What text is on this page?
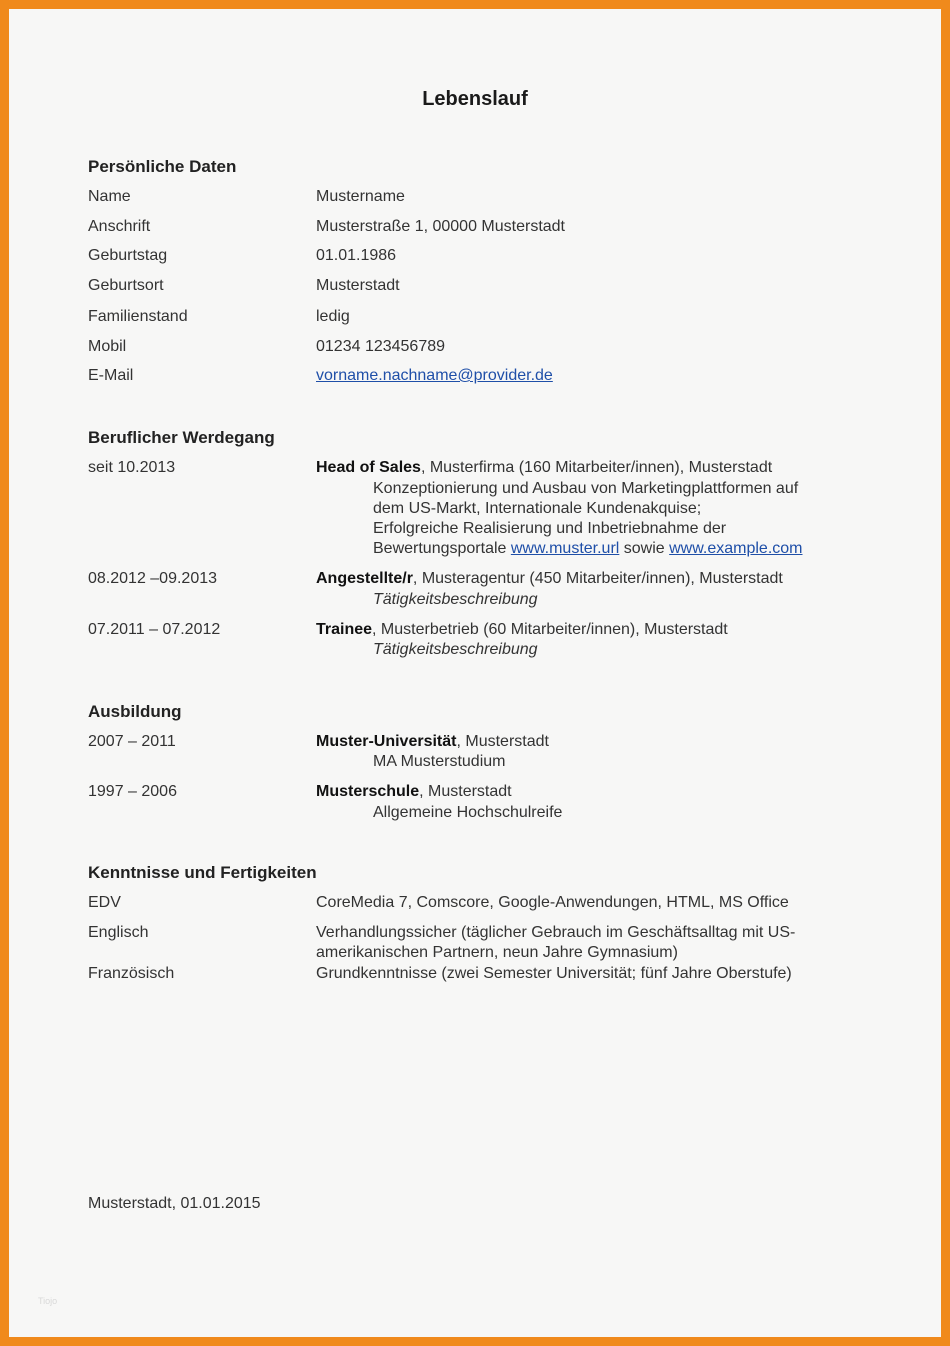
Lebenslauf
Persönliche Daten
Name	Mustername
Anschrift	Musterstraße 1, 00000 Musterstadt
Geburtstag	01.01.1986
Geburtsort	Musterstadt
Familienstand	ledig
Mobil	01234 123456789
E-Mail	vorname.nachname@provider.de
Beruflicher Werdegang
seit 10.2013	Head of Sales, Musterfirma (160 Mitarbeiter/innen), Musterstadt
Konzeptionierung und Ausbau von Marketingplattformen auf
dem US-Markt, Internationale Kundenakquise;
Erfolgreiche Realisierung und Inbetriebnahme der
Bewertungsportale www.muster.url sowie www.example.com
08.2012 –09.2013	Angestellte/r, Musteragentur (450 Mitarbeiter/innen), Musterstadt
Tätigkeitsbeschreibung
07.2011 – 07.2012	Trainee, Musterbetrieb (60 Mitarbeiter/innen), Musterstadt
Tätigkeitsbeschreibung
Ausbildung
2007 – 2011	Muster-Universität, Musterstadt
MA Musterstudium
1997 – 2006	Musterschule, Musterstadt
Allgemeine Hochschulreife
Kenntnisse und Fertigkeiten
EDV	CoreMedia 7, Comscore, Google-Anwendungen, HTML, MS Office
Englisch	Verhandlungssicher (täglicher Gebrauch im Geschäftsalltag mit US-
amerikanischen Partnern, neun Jahre Gymnasium)
Französisch	Grundkenntnisse (zwei Semester Universität; fünf Jahre Oberstufe)
Musterstadt, 01.01.2015
Tiojo
